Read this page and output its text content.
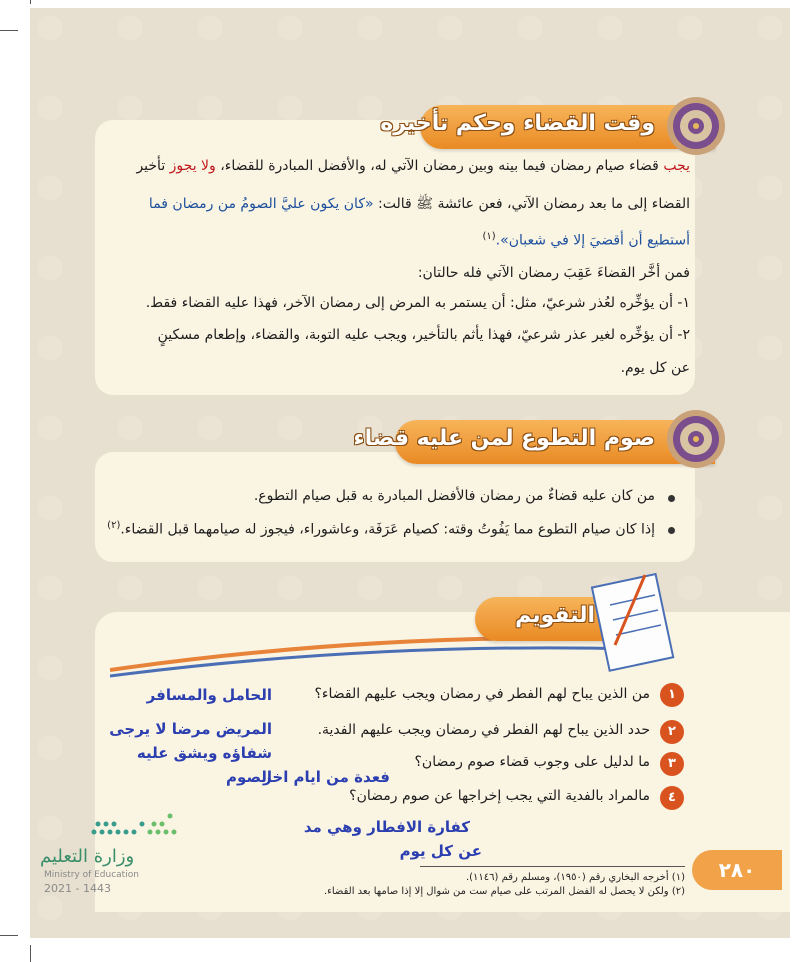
وقت القضاء وحكم تأخيره
يجب قضاء صيام رمضان فيما بينه وبين رمضان الآتي له، والأفضل المبادرة للقضاء، ولا يجوز تأخير
القضاء إلى ما بعد رمضان الآتي، فعن عائشة ﷺ قالت: «كان يكون عليَّ الصومُ من رمضان فما
أستطيع أن أقضيَ إلا في شعبان».$^{(١)}$
فمن أخَّر القضاءَ عَقِبَ رمضان الآتي فله حالتان:
١- أن يؤخِّره لعُذر شرعيّ، مثل: أن يستمر به المرض إلى رمضان الآخر، فهذا عليه القضاء فقط.
٢- أن يؤخِّره لغير عذر شرعيّ، فهذا يأثم بالتأخير، ويجب عليه التوبة، والقضاء، وإطعام مسكينٍ
عن كل يوم.
صوم التطوع لمن عليه قضاء
من كان عليه قضاءٌ من رمضان فالأفضل المبادرة به قبل صيام التطوع.
إذا كان صيام التطوع مما يَفُوتُ وقته: كصيام عَرَفَة، وعاشوراء، فيجوز له صيامهما قبل القضاء.$^{(٢)}$
التقويم
١
من الذين يباح لهم الفطر في رمضان ويجب عليهم القضاء؟
٢
حدد الذين يباح لهم الفطر في رمضان ويجب عليهم الفدية.
٣
ما لدليل على وجوب قضاء صوم رمضان؟
٤
مالمراد بالفدية التي يجب إخراجها عن صوم رمضان؟
الحامل والمسافر
المريض مرضا لا يرجى
شفاؤه ويشق عليه
الصوم
فعدة من ايام اخر
كفارة الافطار وهي مد
عن كل يوم
(١) أخرجه البخاري رقم (١٩٥٠)، ومسلم رقم (١١٤٦).
(٢) ولكن لا يحصل له الفضل المرتب على صيام ست من شوال إلا إذا صامها بعد القضاء.
٢٨٠
وزارة التعليم
Ministry of Education
2021 - 1443
